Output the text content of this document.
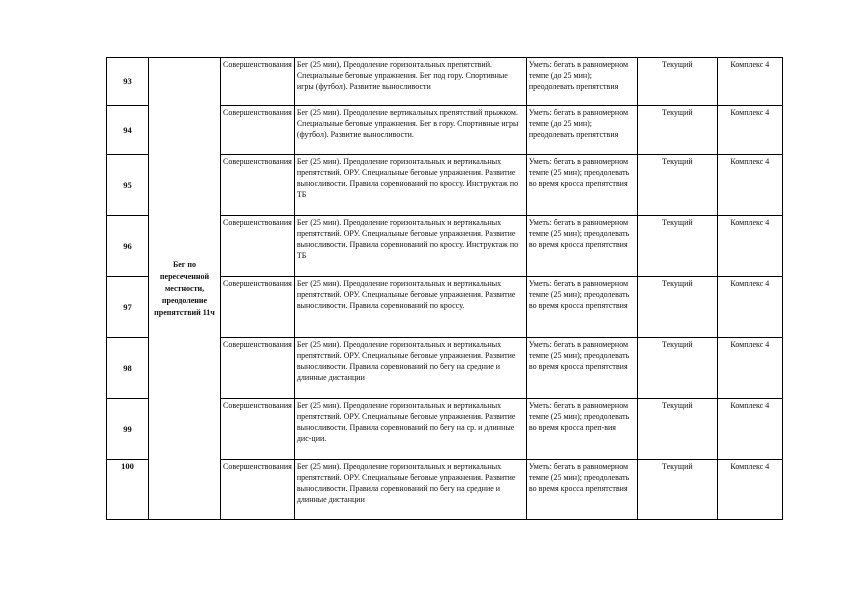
93	Бег по пересеченной местности, преодоление препятствий 11ч	Совершенствования	Бег (25 мин), Преодоление горизонтальных препятствий. Специальные беговые упражнения. Бег под гору. Спортивные игры (футбол). Развитие выносливости	Уметь: бегать в равномерном темпе (до 25 мин); преодолевать препятствия	Текущий	Комплекс 4
94		Совершенствования	Бег (25 мин). Преодоление вертикальных препятствий прыжком. Специальные беговые упражнения. Бег в гору. Спортивные игры (футбол). Развитие выносливости.	Уметь: бегать в равномерном темпе (до 25 мин); преодолевать препятствия	Текущий	Комплекс 4
95		Совершенствования	Бег (25 мин). Преодоление горизонтальных и вертикальных препятствий. ОРУ. Специальные беговые упражнения. Развитие выносливости. Правила соревнований по кроссу. Инструктаж по ТБ	Уметь: бегать в равномерном темпе (25 мин); преодолевать во время кросса препятствия	Текущий	Комплекс 4
96		Совершенствования	Бег (25 мин). Преодоление горизонтальных и вертикальных препятствий. ОРУ. Специальные беговые упражнения. Развитие выносливости. Правила соревнований по кроссу. Инструктаж по ТБ	Уметь: бегать в равномерном темпе (25 мин); преодолевать во время кросса препятствия	Текущий	Комплекс 4
97		Совершенствования	Бег (25 мин). Преодоление горизонтальных и вертикальных препятствий. ОРУ. Специальные беговые упражнения. Развитие выносливости. Правила соревнований по кроссу.	Уметь: бегать в равномерном темпе (25 мин); преодолевать во время кросса препятствия	Текущий	Комплекс 4
98		Совершенствования	Бег (25 мин). Преодоление горизонтальных и вертикальных препятствий. ОРУ. Специальные беговые упражнения. Развитие выносливости. Правила соревнований по бегу на средние и длинные дистанции	Уметь: бегать в равномерном темпе (25 мин); преодолевать во время кросса препятствия	Текущий	Комплекс 4
99		Совершенствования	Бег (25 мин). Преодоление горизонтальных и вертикальных препятствий. ОРУ. Специальные беговые упражнения. Развитие выносливости. Правила соревнований по бегу на ср. и длинные дис-ции.	Уметь: бегать в равномерном темпе (25 мин); преодолевать во время кросса преп-вия	Текущий	Комплекс 4
100		Совершенствования	Бег (25 мин). Преодоление горизонтальных и вертикальных препятствий. ОРУ. Специальные беговые упражнения. Развитие выносливости. Правила соревнований по бегу на средние и длинные дистанции	Уметь: бегать в равномерном темпе (25 мин); преодолевать во время кросса препятствия	Текущий	Комплекс 4
